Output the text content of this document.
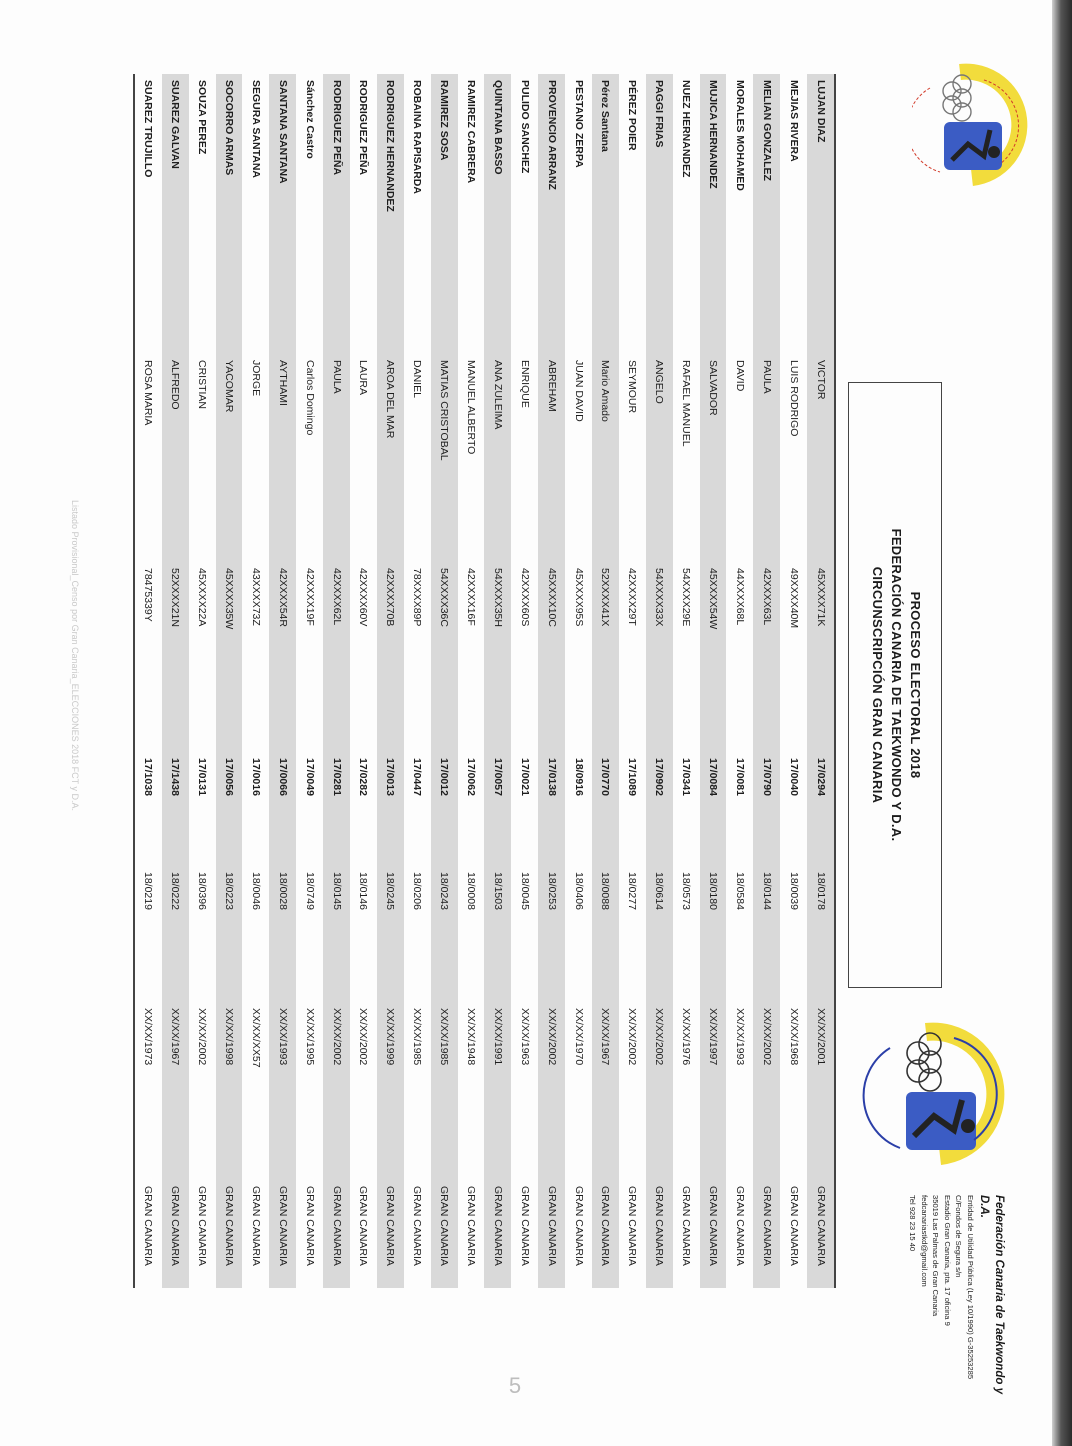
PROCESO ELECTORAL 2018
FEDERACIÓN CANARIA DE TAEKWONDO Y D.A.
CIRCUNSCRIPCIÓN GRAN CANARIA
Federación Canaria de Taekwondo y D.A.
Entidad de Utilidad Pública (Ley 10/1990) G-35253285
C/Fondos de Segura s/n
Estadio Gran Canaria, pta. 17 oficina 9
35019 Las Palmas de Gran Canaria
fedcanariastkd@gmail.com
Tel 928 23 15 40
LUJAN DIAZ	VICTOR	45XXXX71K	17/0294	18/0178	XX/XX/2001	GRAN CANARIA
MEJIAS RIVERA	LUIS RODRIGO	49XXXX40M	17/0040	18/0039	XX/XX/1968	GRAN CANARIA
MELIAN GONZALEZ	PAULA	42XXXX63L	17/0790	18/0144	XX/XX/2002	GRAN CANARIA
MORALES MOHAMED	DAVID	44XXXX68L	17/0081	18/0584	XX/XX/1993	GRAN CANARIA
MUJICA HERNANDEZ	SALVADOR	45XXXX54W	17/0084	18/0180	XX/XX/1997	GRAN CANARIA
NUEZ HERNANDEZ	RAFAEL MANUEL	54XXXX29E	17/0341	18/0573	XX/XX/1976	GRAN CANARIA
PAGGI FRIAS	ANGELO	54XXXX33X	17/0902	18/0614	XX/XX/2002	GRAN CANARIA
PÉREZ POIER	SEYMOUR	42XXXX29T	17/1089	18/0277	XX/XX/2002	GRAN CANARIA
Pérez Santana	Mario Amado	52XXXX41X	17/0770	18/0088	XX/XX/1967	GRAN CANARIA
PESTANO ZERPA	JUAN DAVID	45XXXX95S	18/0916	18/0406	XX/XX/1970	GRAN CANARIA
PROVENCIO ARRANZ	ABREHAM	45XXXX10C	17/0138	18/0253	XX/XX/2002	GRAN CANARIA
PULIDO SANCHEZ	ENRIQUE	42XXXX60S	17/0021	18/0045	XX/XX/1963	GRAN CANARIA
QUINTANA BASSO	ANA ZULEIMA	54XXXX35H	17/0057	18/1503	XX/XX/1991	GRAN CANARIA
RAMIREZ CABRERA	MANUEL ALBERTO	42XXXX16F	17/0062	18/0008	XX/XX/1948	GRAN CANARIA
RAMIREZ SOSA	MATIAS CRISTOBAL	54XXXX36C	17/0012	18/0243	XX/XX/1985	GRAN CANARIA
ROBAINA RAPISARDA	DANIEL	78XXXX89P	17/0447	18/0206	XX/XX/1985	GRAN CANARIA
RODRIGUEZ HERNANDEZ	AROA DEL MAR	42XXXX70B	17/0013	18/0245	XX/XX/1999	GRAN CANARIA
RODRIGUEZ PEÑA	LAURA	42XXXX60V	17/0282	18/0146	XX/XX/2002	GRAN CANARIA
RODRIGUEZ PEÑA	PAULA	42XXXX62L	17/0281	18/0145	XX/XX/2002	GRAN CANARIA
Sánchez Castro	Carlos Domingo	42XXXX19F	17/0049	18/0749	XX/XX/1995	GRAN CANARIA
SANTANA SANTANA	AYTHAMI	42XXXX54R	17/0066	18/0028	XX/XX/1993	GRAN CANARIA
SEGURA SANTANA	JORGE	43XXXX73Z	17/0016	18/0046	XX/XX/XX57	GRAN CANARIA
SOCORRO ARMAS	YACOMAR	45XXXX35W	17/0056	18/0223	XX/XX/1998	GRAN CANARIA
SOUZA PEREZ	CRISTIAN	45XXXX22A	17/0131	18/0396	XX/XX/2002	GRAN CANARIA
SUAREZ GALVAN	ALFREDO	52XXXX21N	17/1438	18/0222	XX/XX/1967	GRAN CANARIA
SUAREZ TRUJILLO	ROSA MARIA	78475339Y	17/1038	18/0219	XX/XX/1973	GRAN CANARIA
Listado Provisional_Censo por Gran Canaria_ELECCIONES 2018 FCT y D.A.
5
